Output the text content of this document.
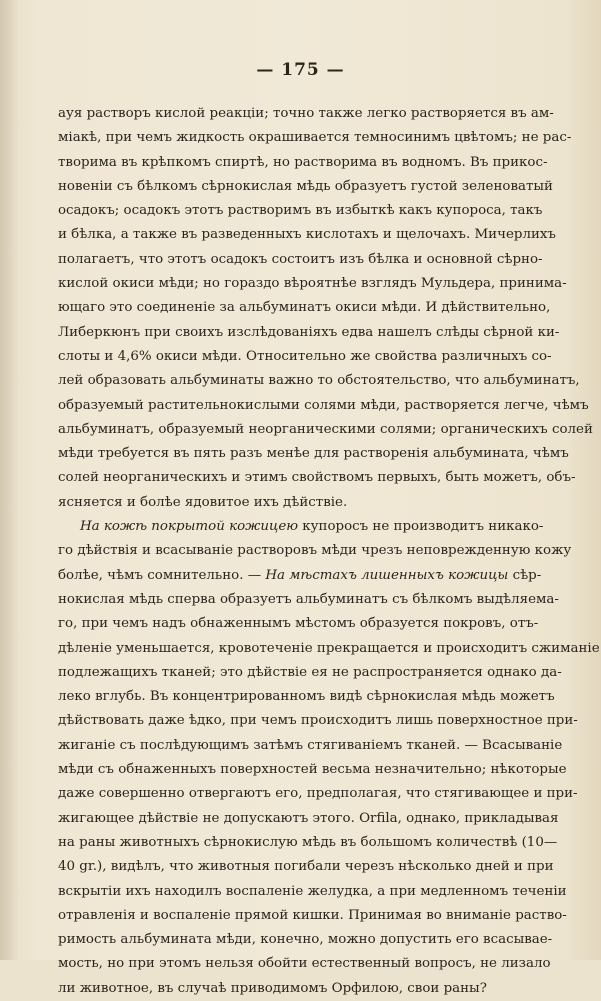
— 175 —
ауя растворъ кислой реакціи; точно также легко растворяется въ ам-
міакѣ, при чемъ жидкость окрашивается темносинимъ цвѣтомъ; не рас-
творима въ крѣпкомъ спиртѣ, но растворима въ водномъ. Въ прикос-
новеніи съ бѣлкомъ сѣрнокислая мѣдь образуетъ густой зеленоватый
осадокъ; осадокъ этотъ растворимъ въ избыткѣ какъ купороса, такъ
и бѣлка, а также въ разведенныхъ кислотахъ и щелочахъ. Мичерлихъ
полагаетъ, что этотъ осадокъ состоитъ изъ бѣлка и основной сѣрно-
кислой окиси мѣди; но гораздо вѣроятнѣе взглядъ Мульдера, принима-
ющаго это соединеніе за альбуминатъ окиси мѣди. И дѣйствительно,
Либеркюнъ при своихъ изслѣдованіяхъ едва нашелъ слѣды сѣрной ки-
слоты и 4,6% окиси мѣди. Относительно же свойства различныхъ со-
лей образовать альбуминаты важно то обстоятельство, что альбуминатъ,
образуемый растительнокислыми солями мѣди, растворяется легче, чѣмъ
альбуминатъ, образуемый неорганическими солями; органическихъ солей
мѣди требуется въ пять разъ менѣе для растворенія альбумината, чѣмъ
солей неорганическихъ и этимъ свойствомъ первыхъ, быть можетъ, объ-
ясняется и болѣе ядовитое ихъ дѣйствіе.
На кожѣ покрытой кожицею купоросъ не производитъ никако-
го дѣйствія и всасываніе растворовъ мѣди чрезъ неповрежденную кожу
болѣе, чѣмъ сомнительно. — На мѣстахъ лишенныхъ кожицы сѣр-
нокислая мѣдь сперва образуетъ альбуминатъ съ бѣлкомъ выдѣляема-
го, при чемъ надъ обнаженнымъ мѣстомъ образуется покровъ, отъ-
дѣленіе уменьшается, кровотеченіе прекращается и происходитъ сжиманіе
подлежащихъ тканей; это дѣйствіе ея не распространяется однако да-
леко вглубь. Въ концентрированномъ видѣ сѣрнокислая мѣдь можетъ
дѣйствовать даже ѣдко, при чемъ происходитъ лишь поверхностное при-
жиганіе съ послѣдующимъ затѣмъ стягиваніемъ тканей. — Всасываніе
мѣди съ обнаженныхъ поверхностей весьма незначительно; нѣкоторые
даже совершенно отвергаютъ его, предполагая, что стягивающее и при-
жигающее дѣйствіе не допускаютъ этого. Orfila, однако, прикладывая
на раны животныхъ сѣрнокислую мѣдь въ большомъ количествѣ (10—
40 gr.), видѣлъ, что животныя погибали черезъ нѣсколько дней и при
вскрытіи ихъ находилъ воспаленіе желудка, а при медленномъ теченіи
отравленія и воспаленіе прямой кишки. Принимая во вниманіе раство-
римость альбумината мѣди, конечно, можно допустить его всасывае-
мость, но при этомъ нельзя обойти естественный вопросъ, не лизало
ли животное, въ случаѣ приводимомъ Орфилою, свои раны?
